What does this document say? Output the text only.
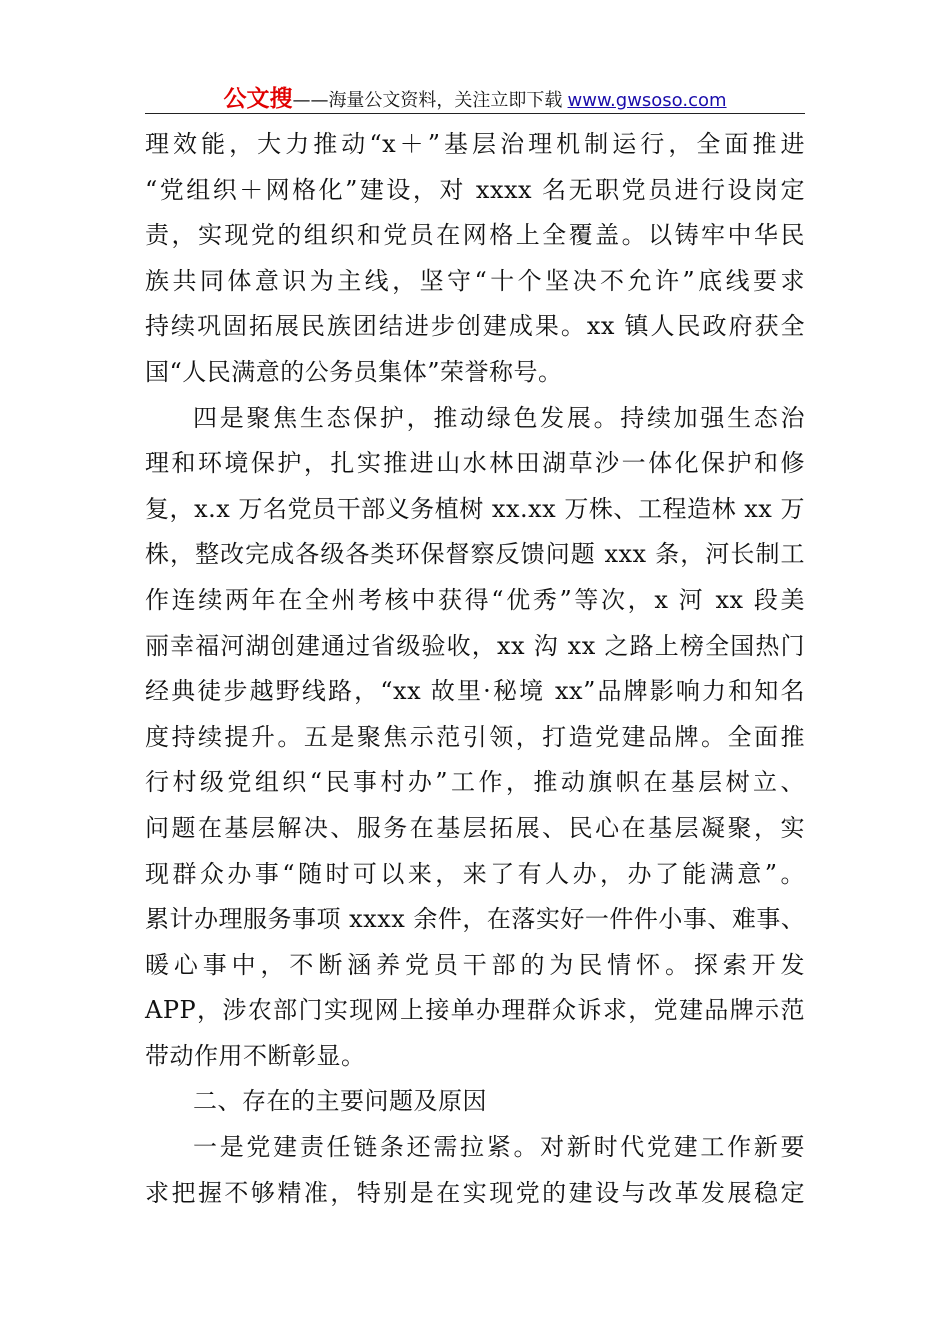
公文搜——海量公文资料，关注立即下载 www.gwsoso.com
理效能，大力推动“x＋”基层治理机制运行，全面推进
“党组织＋网格化”建设，对 xxxx 名无职党员进行设岗定
责，实现党的组织和党员在网格上全覆盖。以铸牢中华民
族共同体意识为主线，坚守“十个坚决不允许”底线要求
持续巩固拓展民族团结进步创建成果。xx 镇人民政府获全
国“人民满意的公务员集体”荣誉称号。
四是聚焦生态保护，推动绿色发展。持续加强生态治
理和环境保护，扎实推进山水林田湖草沙一体化保护和修
复，x.x 万名党员干部义务植树 xx.xx 万株、工程造林 xx 万
株，整改完成各级各类环保督察反馈问题 xxx 条，河长制工
作连续两年在全州考核中获得“优秀”等次，x 河 xx 段美
丽幸福河湖创建通过省级验收，xx 沟 xx 之路上榜全国热门
经典徒步越野线路，“xx 故里·秘境 xx”品牌影响力和知名
度持续提升。五是聚焦示范引领，打造党建品牌。全面推
行村级党组织“民事村办”工作，推动旗帜在基层树立、
问题在基层解决、服务在基层拓展、民心在基层凝聚，实
现群众办事“随时可以来，来了有人办，办了能满意”。
累计办理服务事项 xxxx 余件，在落实好一件件小事、难事、
暖心事中，不断涵养党员干部的为民情怀。探索开发
APP，涉农部门实现网上接单办理群众诉求，党建品牌示范
带动作用不断彰显。
二、存在的主要问题及原因
一是党建责任链条还需拉紧。对新时代党建工作新要
求把握不够精准，特别是在实现党的建设与改革发展稳定
